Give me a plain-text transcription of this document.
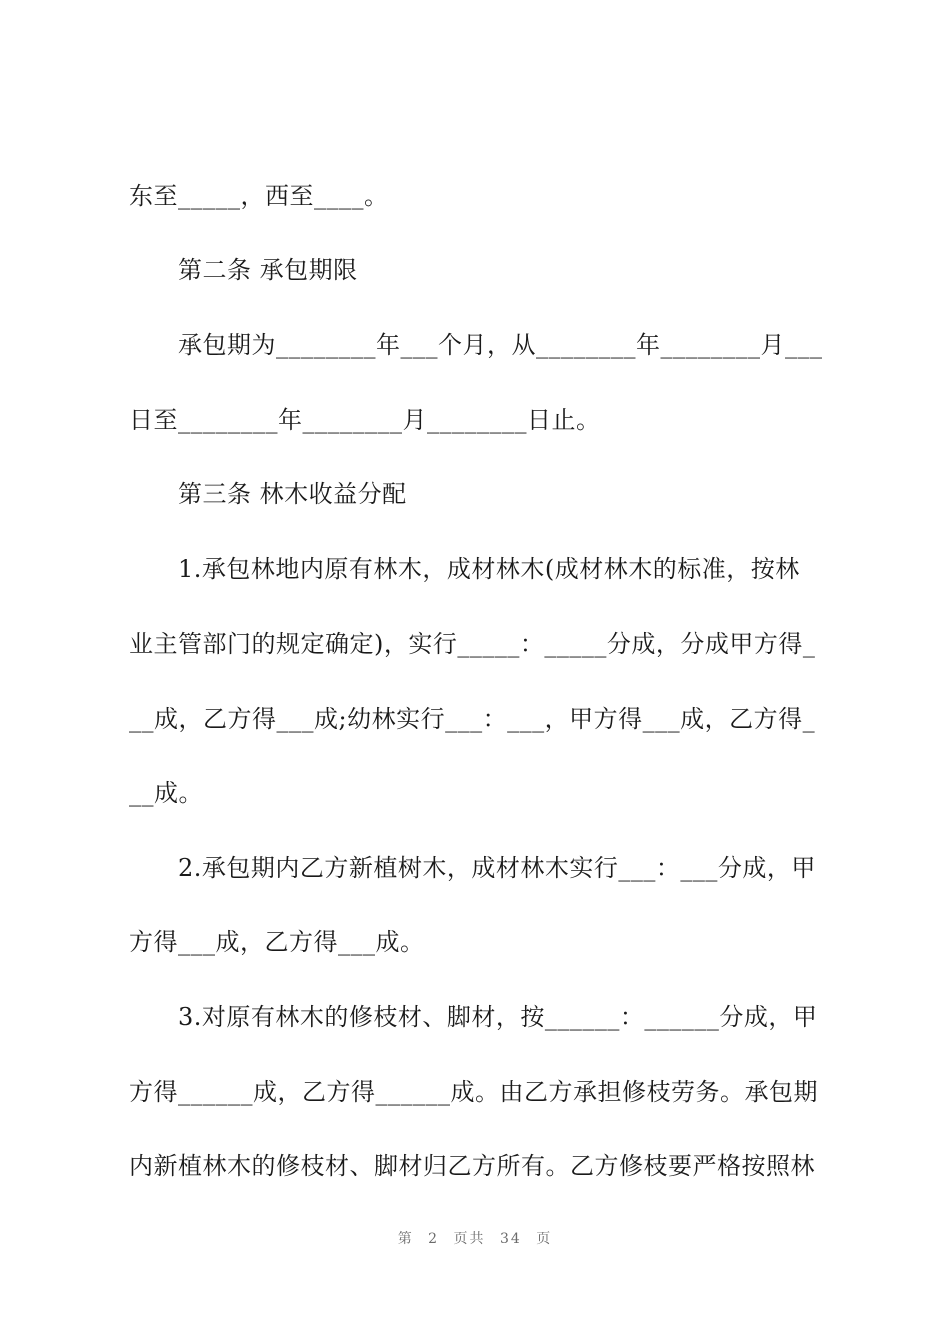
东至_____，西至____。
第二条 承包期限
承包期为________年___个月，从________年________月___
日至________年________月________日止。
第三条 林木收益分配
1.承包林地内原有林木，成材林木(成材林木的标准，按林
业主管部门的规定确定)，实行_____：_____分成，分成甲方得_
__成，乙方得___成;幼林实行___：___，甲方得___成，乙方得_
__成。
2.承包期内乙方新植树木，成材林木实行___：___分成，甲
方得___成，乙方得___成。
3.对原有林木的修枝材、脚材，按______：______分成，甲
方得______成，乙方得______成。由乙方承担修枝劳务。承包期
内新植林木的修枝材、脚材归乙方所有。乙方修枝要严格按照林
第 2 页共 34 页
